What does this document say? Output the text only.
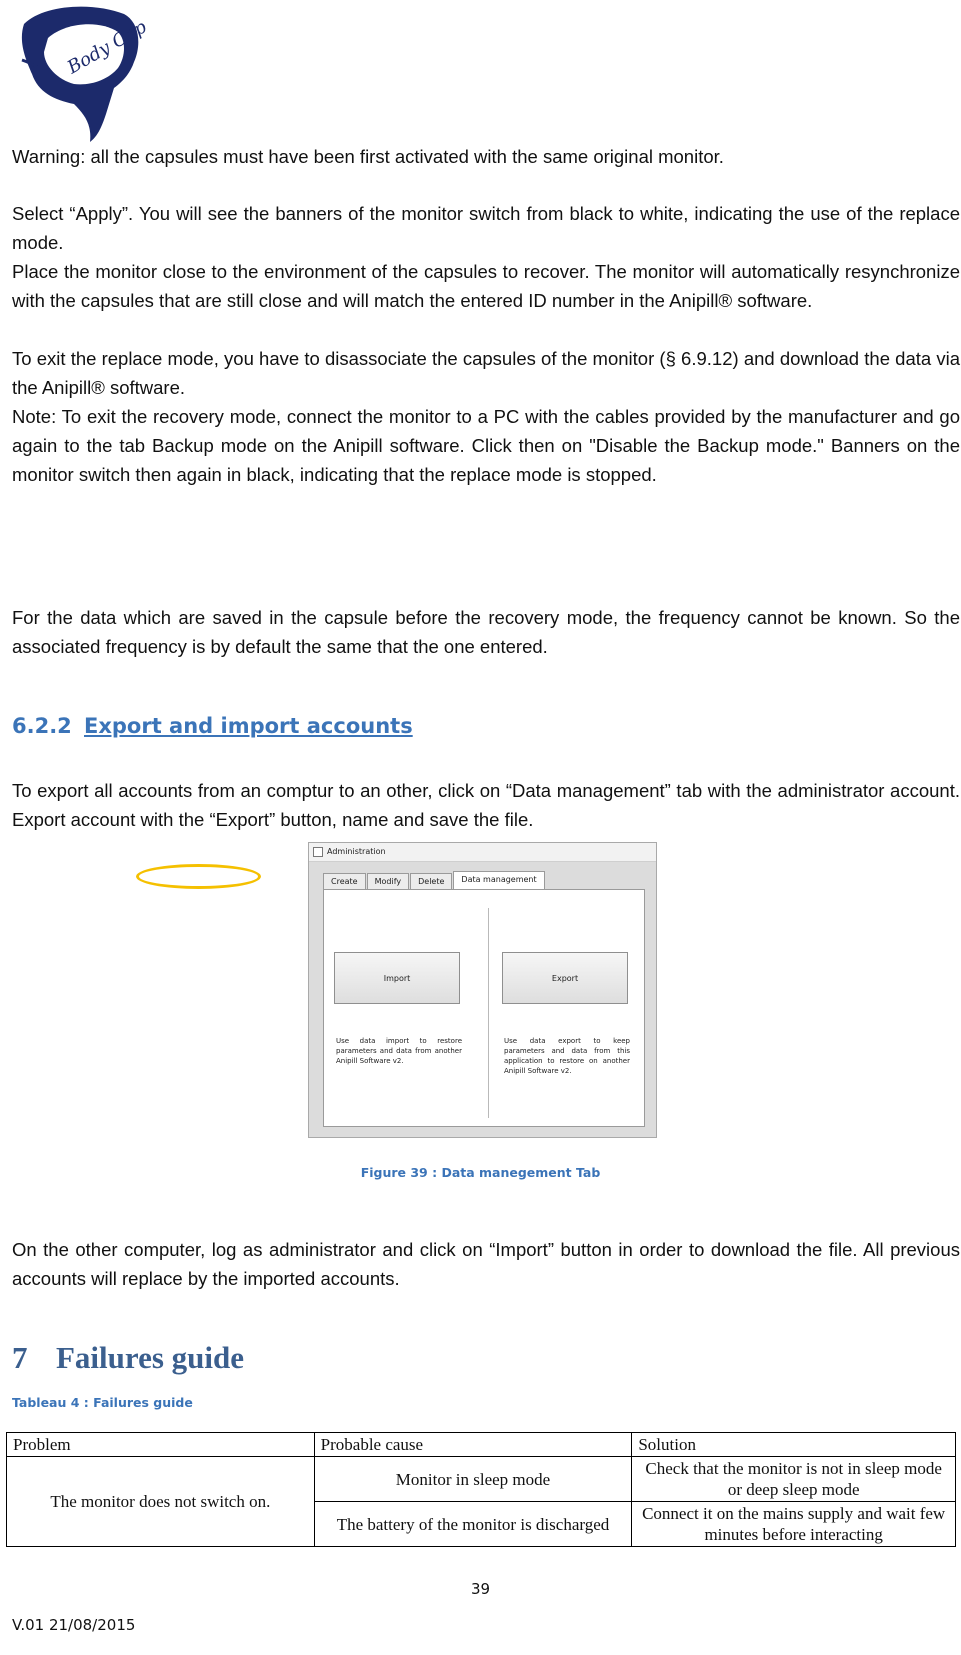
Body Cap
Warning: all the capsules must have been first activated with the same original monitor.
Select “Apply”. You will see the banners of the monitor switch from black to white, indicating the use of the replace mode.
Place the monitor close to the environment of the capsules to recover. The monitor will automatically resynchronize with the capsules that are still close and will match the entered ID number in the Anipill® software.
To exit the replace mode, you have to disassociate the capsules of the monitor (§ 6.9.12) and download the data via the Anipill® software.
Note: To exit the recovery mode, connect the monitor to a PC with the cables provided by the manufacturer and go again to the tab Backup mode on the Anipill software. Click then on "Disable the Backup mode." Banners on the monitor switch then again in black, indicating that the replace mode is stopped.
For the data which are saved in the capsule before the recovery mode, the frequency cannot be known. So the associated frequency is by default the same that the one entered.
6.2.2 Export and import accounts
To export all accounts from an comptur to an other, click on “Data management” tab with the administrator account. Export account with the “Export” button, name and save the file.
Administration
Create	Modify	Delete	Data management
Import	Export
Use data import to restore parameters and data from another Anipill Software v2.
Use data export to keep parameters and data from this application to restore on another Anipill Software v2.
Figure 39 : Data manegement Tab
On the other computer, log as administrator and click on “Import” button in order to download the file. All previous accounts will replace by the imported accounts.
7 Failures guide
Tableau 4 : Failures guide
Problem	Probable cause	Solution
The monitor does not switch on.	Monitor in sleep mode	Check that the monitor is not in sleep mode or deep sleep mode
	The battery of the monitor is discharged	Connect it on the mains supply and wait few minutes before interacting
39
V.01 21/08/2015
